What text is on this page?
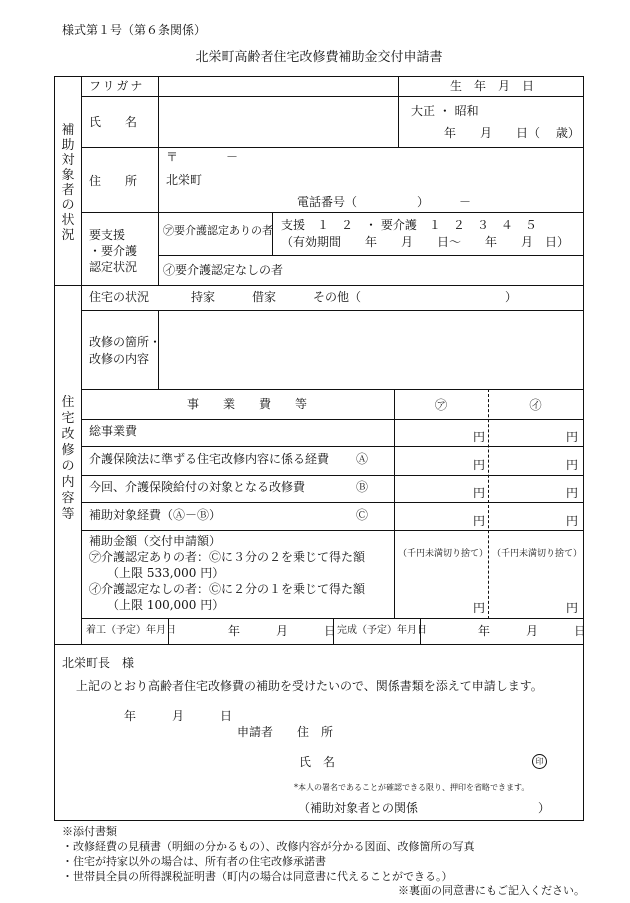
様式第１号（第６条関係）
北栄町高齢者住宅改修費補助金交付申請書
補助対象者の状況
フリガナ	生　年　月　日
氏　　名
大正 ・ 昭和
年　　月　　日（　 歳）
住　　所
〒　　　　－
北栄町
電話番号（　　　　　）　　　－
要支援
・要介護
認定状況
㋐要介護認定ありの者 支援　１　２　・ 要介護　１　２　３　４　５
（有効期間　　年　　月　　日～　　年　　月　日）
㋑要介護認定なしの者
住宅改修の内容等
住宅の状況	持家	借家	その他（　　　　　　　　　　　　）
改修の箇所・
改修の内容
事　　業　　費　　等	㋐	㋑
総事業費	円	円
介護保険法に準ずる住宅改修内容に係る経費 Ⓐ	円	円
今回、介護保険給付の対象となる改修費	Ⓑ	円	円
補助対象経費（Ⓐ－Ⓑ）	Ⓒ	円	円
補助金額（交付申請額）
㋐介護認定ありの者：Ⓒに３分の２を乗じて得た額
　　（上限 533,000 円）
㋑介護認定なしの者：Ⓒに２分の１を乗じて得た額
　　（上限 100,000 円）
（千円未満切り捨て） （千円未満切り捨て）
円	円
着工（予定）年月日	年　　　月　　　日 完成（予定）年月日	年　　　月　　　日
北栄町長　様
上記のとおり高齢者住宅改修費の補助を受けたいので、関係書類を添えて申請します。
年　　　月　　　日
申請者　　住　所
氏　名	印
*本人の署名であることが確認できる限り、押印を省略できます。
（補助対象者との関係　　　　　　　　　　）
※添付書類
・改修経費の見積書（明細の分かるもの）、改修内容が分かる図面、改修箇所の写真
・住宅が持家以外の場合は、所有者の住宅改修承諾書
・世帯員全員の所得課税証明書（町内の場合は同意書に代えることができる。）
※裏面の同意書にもご記入ください。
